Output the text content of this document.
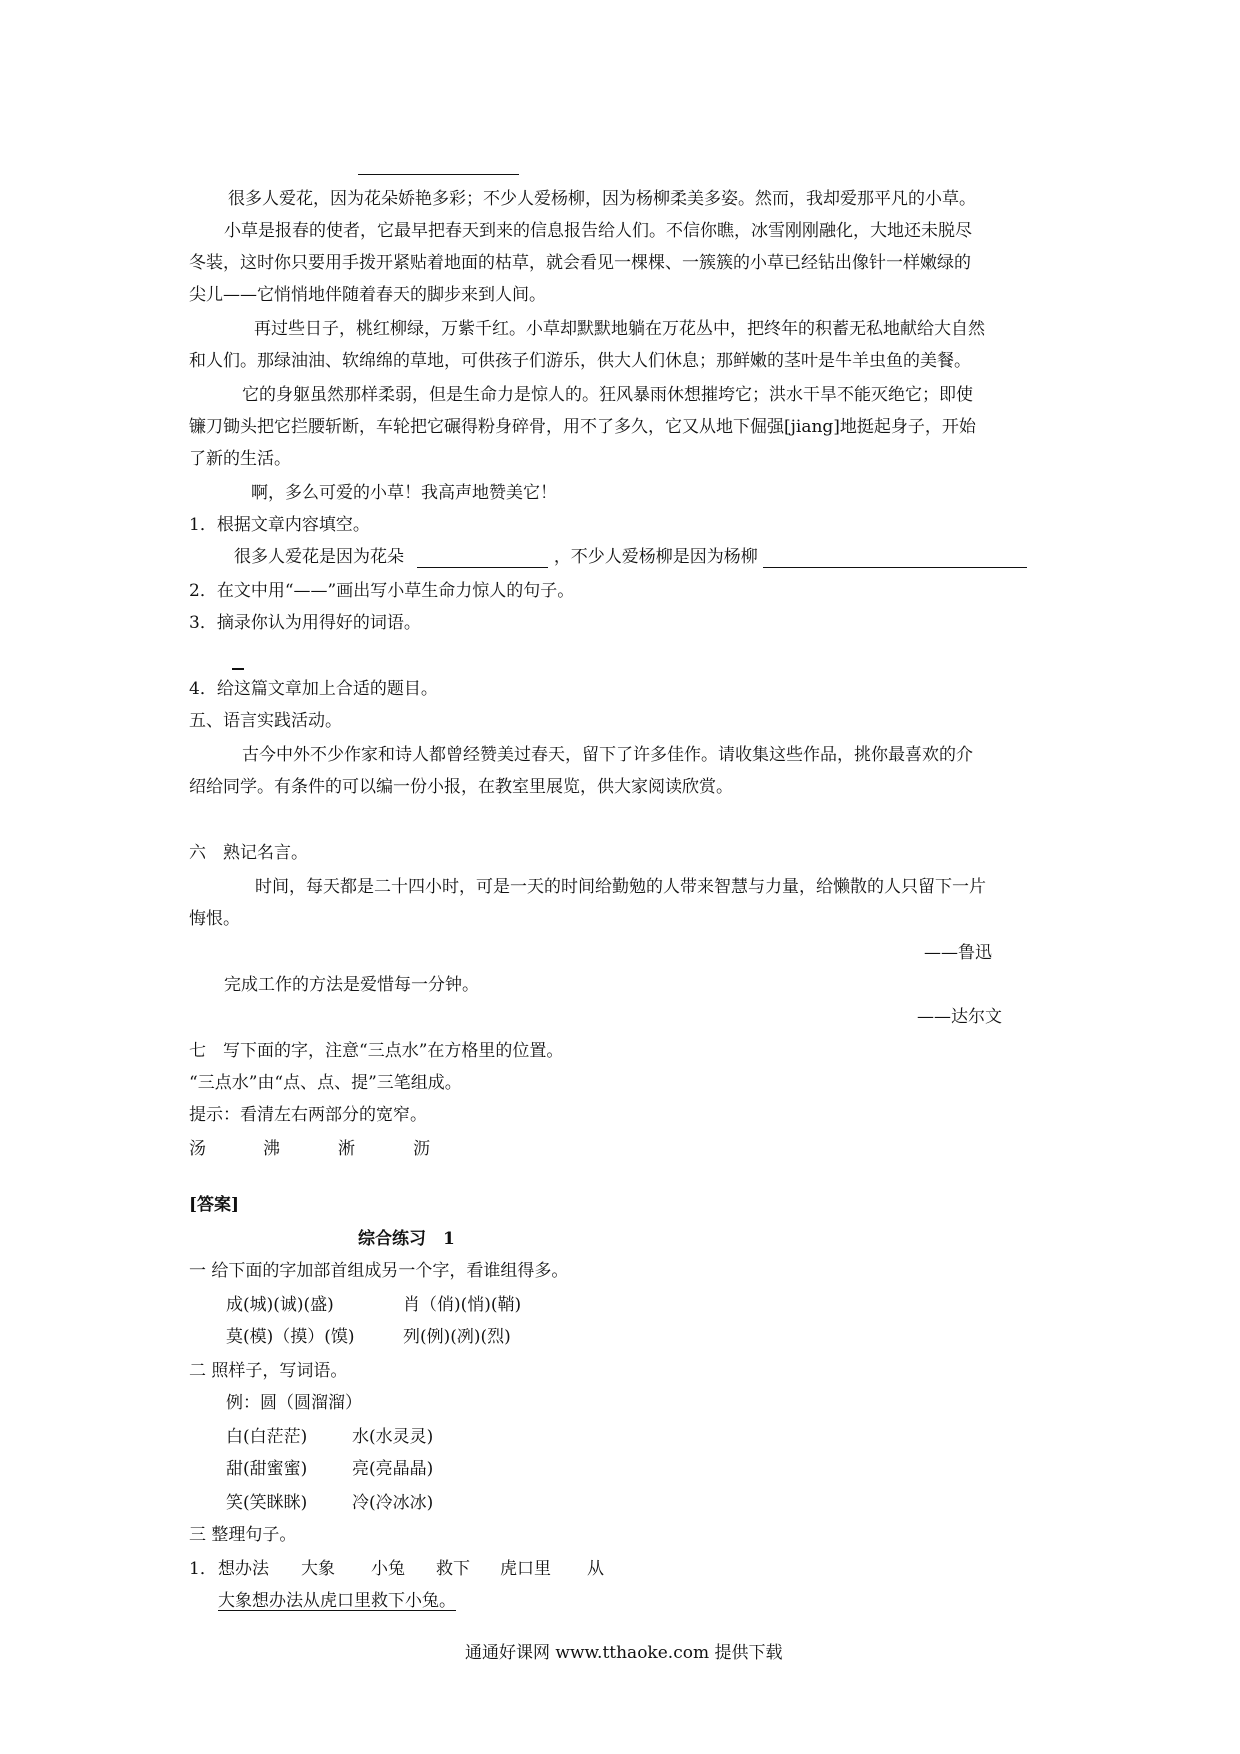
很多人爱花，因为花朵娇艳多彩；不少人爱杨柳，因为杨柳柔美多姿。然而，我却爱那平凡的小草。
小草是报春的使者，它最早把春天到来的信息报告给人们。不信你瞧，冰雪刚刚融化，大地还未脱尽
冬装，这时你只要用手拨开紧贴着地面的枯草，就会看见一棵棵、一簇簇的小草已经钻出像针一样嫩绿的
尖儿——它悄悄地伴随着春天的脚步来到人间。
再过些日子，桃红柳绿，万紫千红。小草却默默地躺在万花丛中，把终年的积蓄无私地献给大自然
和人们。那绿油油、软绵绵的草地，可供孩子们游乐，供大人们休息；那鲜嫩的茎叶是牛羊虫鱼的美餐。
它的身躯虽然那样柔弱，但是生命力是惊人的。狂风暴雨休想摧垮它；洪水干旱不能灭绝它；即使
镰刀锄头把它拦腰斩断，车轮把它碾得粉身碎骨，用不了多久，它又从地下倔强[jiang]地挺起身子，开始
了新的生活。
啊，多么可爱的小草！我高声地赞美它！
1．根据文章内容填空。
很多人爱花是因为花朵	，不少人爱杨柳是因为杨柳
2．在文中用“——”画出写小草生命力惊人的句子。
3．摘录你认为用得好的词语。
4．给这篇文章加上合适的题目。
五、语言实践活动。
古今中外不少作家和诗人都曾经赞美过春天，留下了许多佳作。请收集这些作品，挑你最喜欢的介
绍给同学。有条件的可以编一份小报，在教室里展览，供大家阅读欣赏。
六　熟记名言。
时间，每天都是二十四小时，可是一天的时间给勤勉的人带来智慧与力量，给懒散的人只留下一片
悔恨。
——鲁迅
完成工作的方法是爱惜每一分钟。
——达尔文
七　写下面的字，注意“三点水”在方格里的位置。
“三点水”由“点、点、提”三笔组成。
提示：看清左右两部分的宽窄。
汤	沸	淅	沥
[答案]
综合练习　1
一 给下面的字加部首组成另一个字，看谁组得多。
成(城)(诚)(盛)	肖（俏)(悄)(鞘)
莫(模)（摸）(馍)	列(例)(冽)(烈)
二 照样子，写词语。
例：圆（圆溜溜）
白(白茫茫)	水(水灵灵)
甜(甜蜜蜜)	亮(亮晶晶)
笑(笑眯眯)	冷(冷冰冰)
三 整理句子。
1． 想办法 大象 小兔 救下 虎口里 从
大象想办法从虎口里救下小兔。
通通好课网 www.tthaoke.com 提供下载
